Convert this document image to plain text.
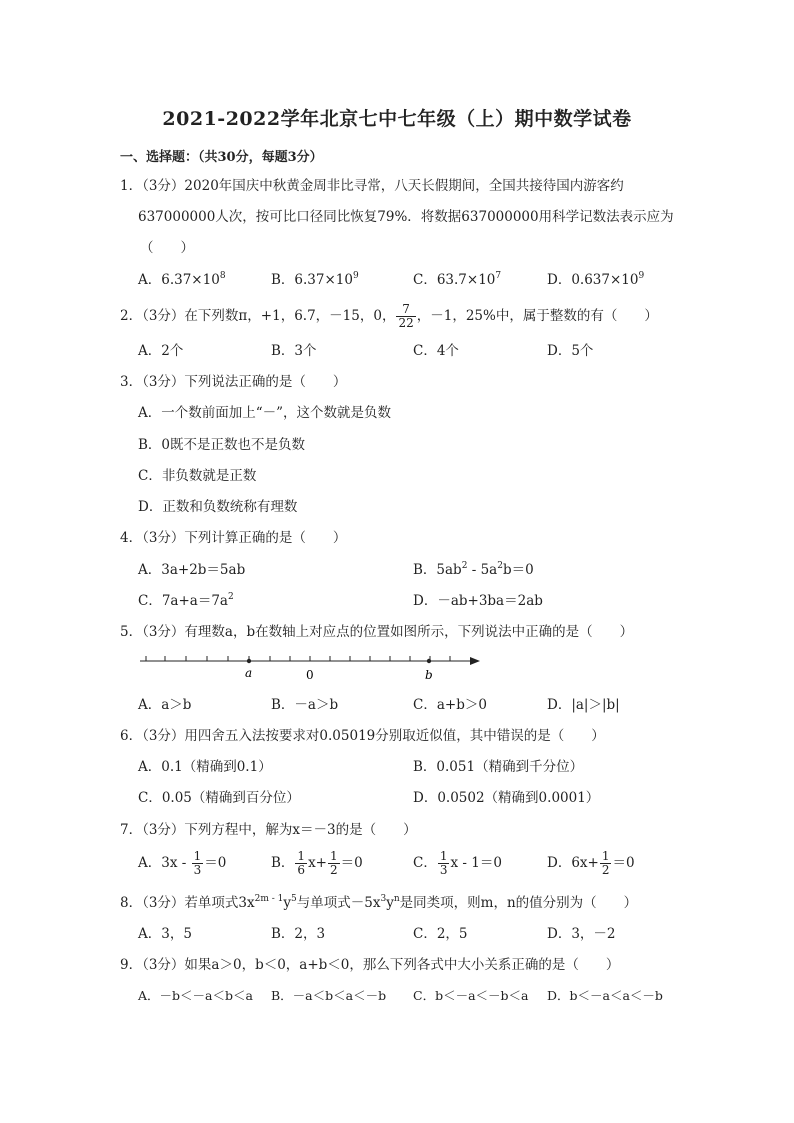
2021-2022学年北京七中七年级（上）期中数学试卷
一、选择题：（共30分，每题3分）
1．（3分）2020年国庆中秋黄金周非比寻常，八天长假期间，全国共接待国内游客约
637000000人次，按可比口径同比恢复79%．将数据637000000用科学记数法表示应为
（　　）
A．$6.37\times 10^8$	B．$6.37\times 10^9$	C．$63.7\times 10^7$	D．$0.637\times 10^9$
2．（3分）在下列数π，+1，6.7，－15，0， $\frac{7}{22}$ ，－1，25%中，属于整数的有（　　）
A．2个	B．3个	C．4个	D．5个
3．（3分）下列说法正确的是（　　）
A．一个数前面加上“－”，这个数就是负数
B．0既不是正数也不是负数
C．非负数就是正数
D．正数和负数统称有理数
4．（3分）下列计算正确的是（　　）
A．3a+2b＝5ab	B．$5ab^2 - 5a^2b=0$
C．$7a+a=7a^2$	D．－ab+3ba＝2ab
5．（3分）有理数a，b在数轴上对应点的位置如图所示，下列说法中正确的是（　　）
a	0	b
A．a＞b	B．－a＞b	C．a+b＞0	D．|a|＞|b|
6．（3分）用四舍五入法按要求对0.05019分别取近似值，其中错误的是（　　）
A．0.1（精确到0.1）	B．0.051（精确到千分位）
C．0.05（精确到百分位）	D．0.0502（精确到0.0001）
7．（3分）下列方程中，解为x＝－3的是（　　）
A．$3x - \frac{1}{3} =0$	B． $\frac{1}{6} x+ \frac{1}{2} =0$	C． $\frac{1}{3}$ x - 1＝0	D．$6x+ \frac{1}{2} =0$
8．（3分）若单项式$3x^{2m - 1}y^5$与单项式$-5x^3y^n$是同类项，则m，n的值分别为（　　）
A．3，5	B．2，3	C．2，5	D．3，－2
9．（3分）如果a＞0，b＜0，a+b＜0，那么下列各式中大小关系正确的是（　　）
A．－b＜－a＜b＜a B．－a＜b＜a＜－b C．b＜－a＜－b＜a D．b＜－a＜a＜－b
